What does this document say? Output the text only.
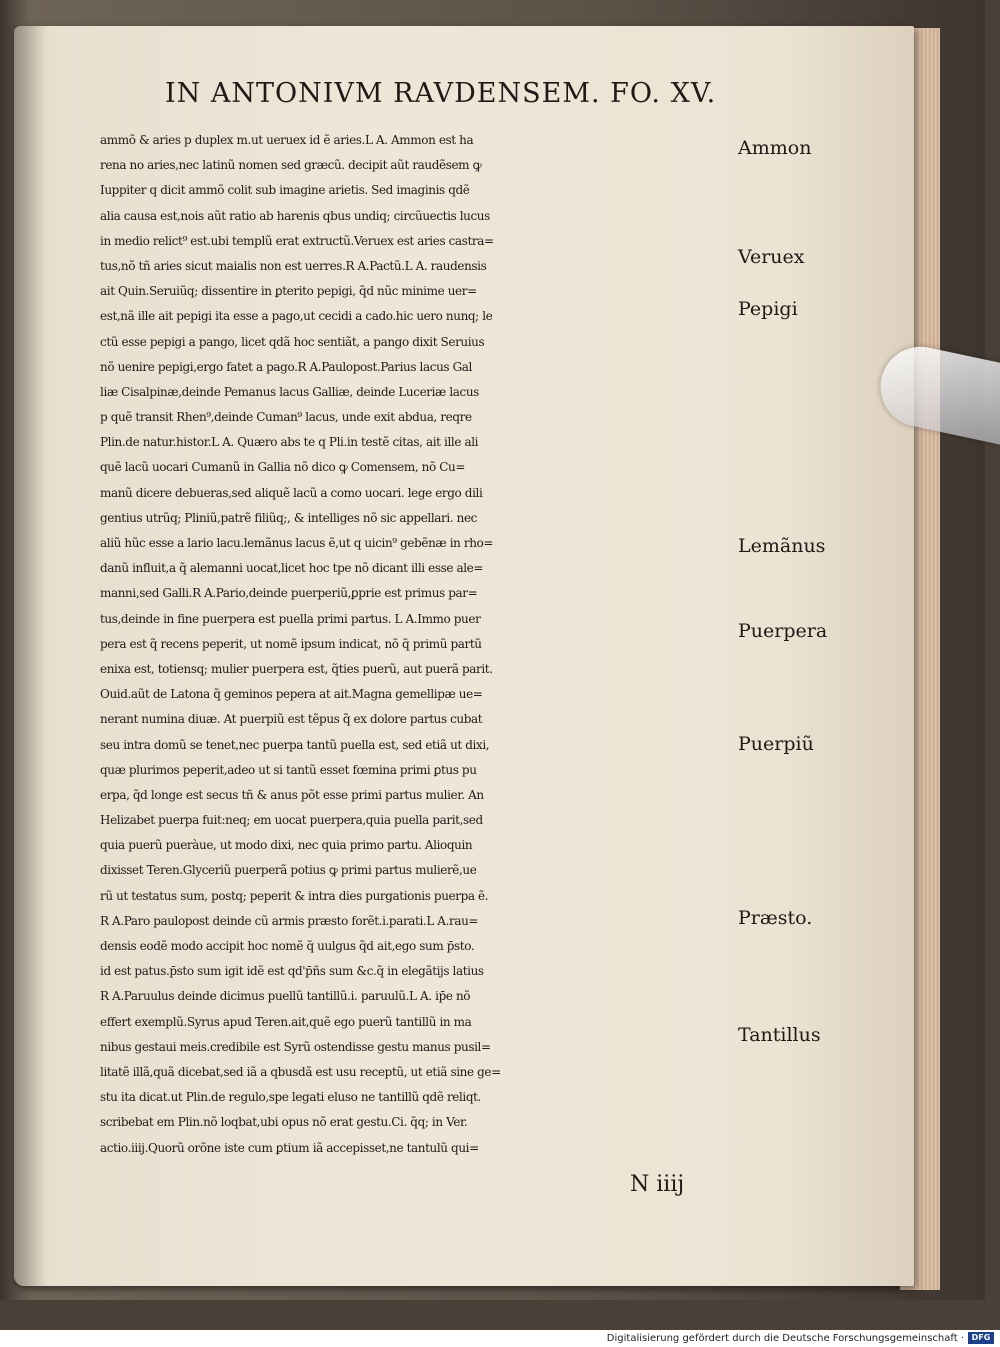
IN ANTONIVM RAVDENSEM. FO. XV.
ammõ & aries p duplex m.ut ueruex id ẽ aries.L A. Ammon est ha
rena no aries,nec latinũ nomen sed græcũ. decipit aũt raudẽsem ꝙ
Iuppiter q dicit ammõ colit sub imagine arietis. Sed imaginis qdẽ
alia causa est,nois aũt ratio ab harenis qbus undiq; circũuectis lucus
in medio relict⁹ est.ubi templũ erat extructũ.Veruex est aries castra=
tus,nõ tñ aries sicut maialis non est uerres.R A.Pactũ.L A. raudensis
ait Quin.Seruiũq; dissentire in ꝑterito pepigi, q̃d nũc minime uer=
est,nã ille ait pepigi ita esse a pago,ut cecidi a cado.hic uero nunq; le
ctũ esse pepigi a pango, licet qdã hoc sentiãt, a pango dixit Seruius
nõ uenire pepigi,ergo fatet a pago.R A.Paulopost.Parius lacus Gal
liæ Cisalpinæ,deinde Pemanus lacus Galliæ, deinde Luceriæ lacus
p quẽ transit Rhen⁹,deinde Cuman⁹ lacus, unde exit abdua, reqre
Plin.de natur.histor.L A. Quæro abs te q Pli.in testẽ citas, ait ille ali
quẽ lacũ uocari Cumanũ in Gallia nõ dico ꝙ Comensem, nõ Cu=
manũ dicere debueras,sed aliquẽ lacũ a como uocari. lege ergo dili
gentius utrũq; Pliniũ,patrẽ filiũq;, & intelliges nõ sic appellari. nec
aliũ hũc esse a lario lacu.lemãnus lacus ẽ,ut q uicin⁹ gebẽnæ in rho=
danũ influit,a q̃ alemanni uocat,licet hoc tpe nõ dicant illi esse ale=
manni,sed Galli.R A.Pario,deinde puerperiũ,ꝑprie est primus par=
tus,deinde in fine puerpera est puella primi partus. L A.Immo puer
pera est q̃ recens peperit, ut nomẽ ipsum indicat, nõ q̃ primũ partũ
enixa est, totiensq; mulier puerpera est, q̃ties puerũ, aut puerã parit.
Ouid.aũt de Latona q̃ geminos pepera at ait.Magna gemellipæ ue=
nerant numina diuæ. At puerpiũ est tẽpus q̃ ex dolore partus cubat
seu intra domũ se tenet,nec puerpa tantũ puella est, sed etiã ut dixi,
quæ plurimos peperit,adeo ut si tantũ esset fœmina primi ꝑtus pu
erpa, q̃d longe est secus tñ & anus põt esse primi partus mulier. An
Helizabet puerpa fuit:neq; em uocat puerpera,quia puella parit,sed
quia puerũ pueràue, ut modo dixi, nec quia primo partu. Alioquin
dixisset Teren.Glyceriũ puerperã potius ꝙ primi partus mulierẽ,ue
rũ ut testatus sum, postq; peperit & intra dies purgationis puerpa ẽ.
R A.Paro paulopost deinde cũ armis præsto forẽt.i.parati.L A.rau=
densis eodẽ modo accipit hoc nomẽ q̃ uulgus q̃d ait,ego sum p̄sto.
id est patus.p̄sto sum igit idẽ est qd'p̄ñs sum &c.q̃ in elegãtijs latius
R A.Paruulus deinde dicimus puellũ tantillũ.i. paruulũ.L A. ip̄e nõ
effert exemplũ.Syrus apud Teren.ait,quẽ ego puerũ tantillũ in ma
nibus gestaui meis.credibile est Syrũ ostendisse gestu manus pusil=
litatẽ illã,quã dicebat,sed iã a qbusdã est usu receptũ, ut etiã sine ge=
stu ita dicat.ut Plin.de regulo,spe legati eluso ne tantillũ qdẽ reliqt.
scribebat em Plin.nõ loqbat,ubi opus nõ erat gestu.Ci. q̃q; in Ver.
actio.iiij.Quorũ orõne iste cum ꝑtium iã accepisset,ne tantulũ qui=
Ammon
Veruex
Pepigi
Lemãnus
Puerpera
Puerpiũ
Præsto.
Tantillus
N iiij
Digitalisierung gefördert durch die Deutsche Forschungsgemeinschaft · DFG
